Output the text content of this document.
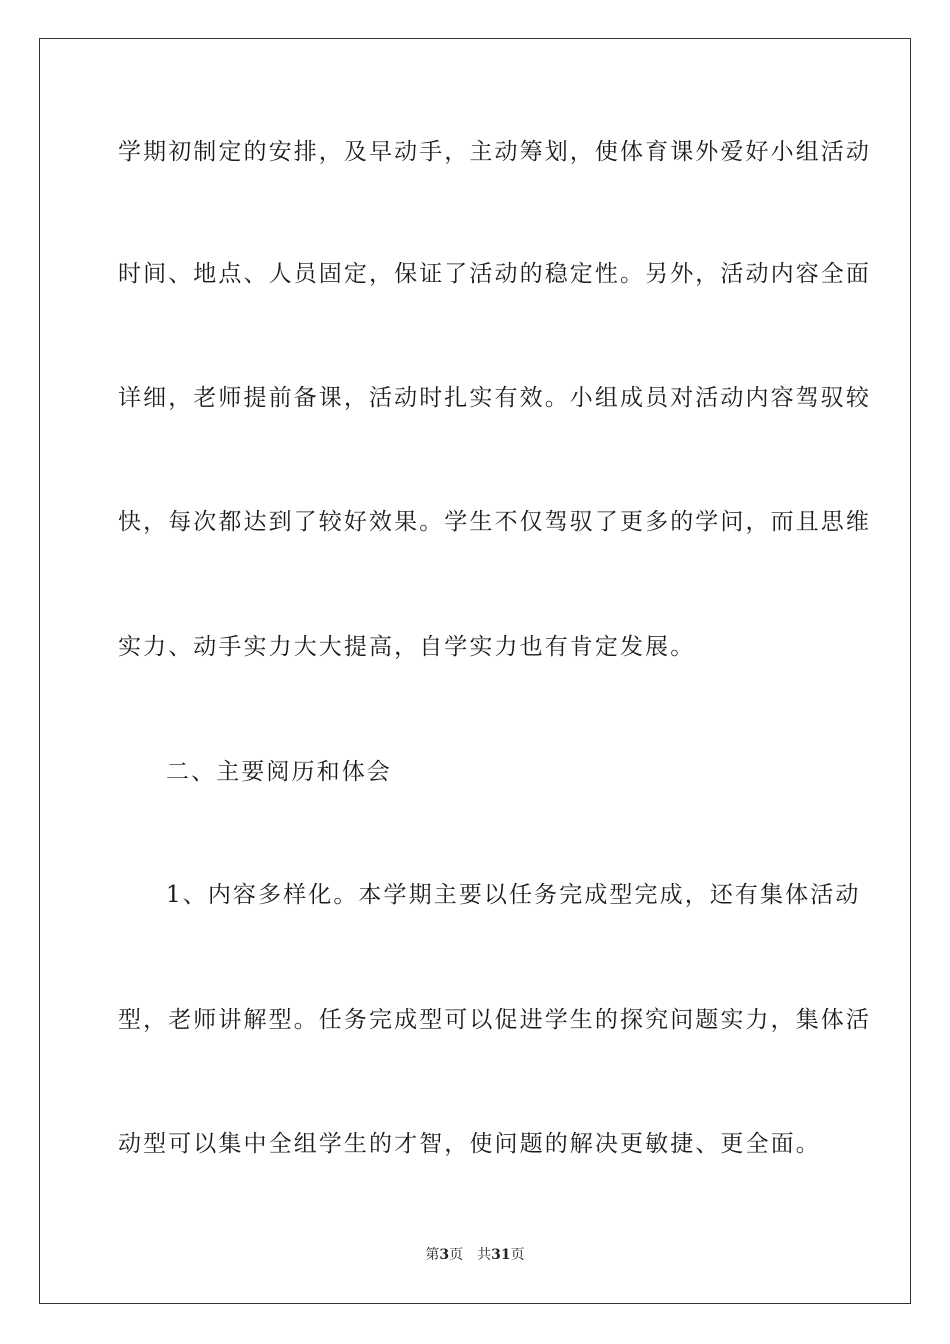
学期初制定的安排，及早动手，主动筹划，使体育课外爱好小组活动
时间、地点、人员固定，保证了活动的稳定性。另外，活动内容全面
详细，老师提前备课，活动时扎实有效。小组成员对活动内容驾驭较
快，每次都达到了较好效果。学生不仅驾驭了更多的学问，而且思维
实力、动手实力大大提高，自学实力也有肯定发展。
二、主要阅历和体会
1、内容多样化。本学期主要以任务完成型完成，还有集体活动
型，老师讲解型。任务完成型可以促进学生的探究问题实力，集体活
动型可以集中全组学生的才智，使问题的解决更敏捷、更全面。
第3页　 共31页
